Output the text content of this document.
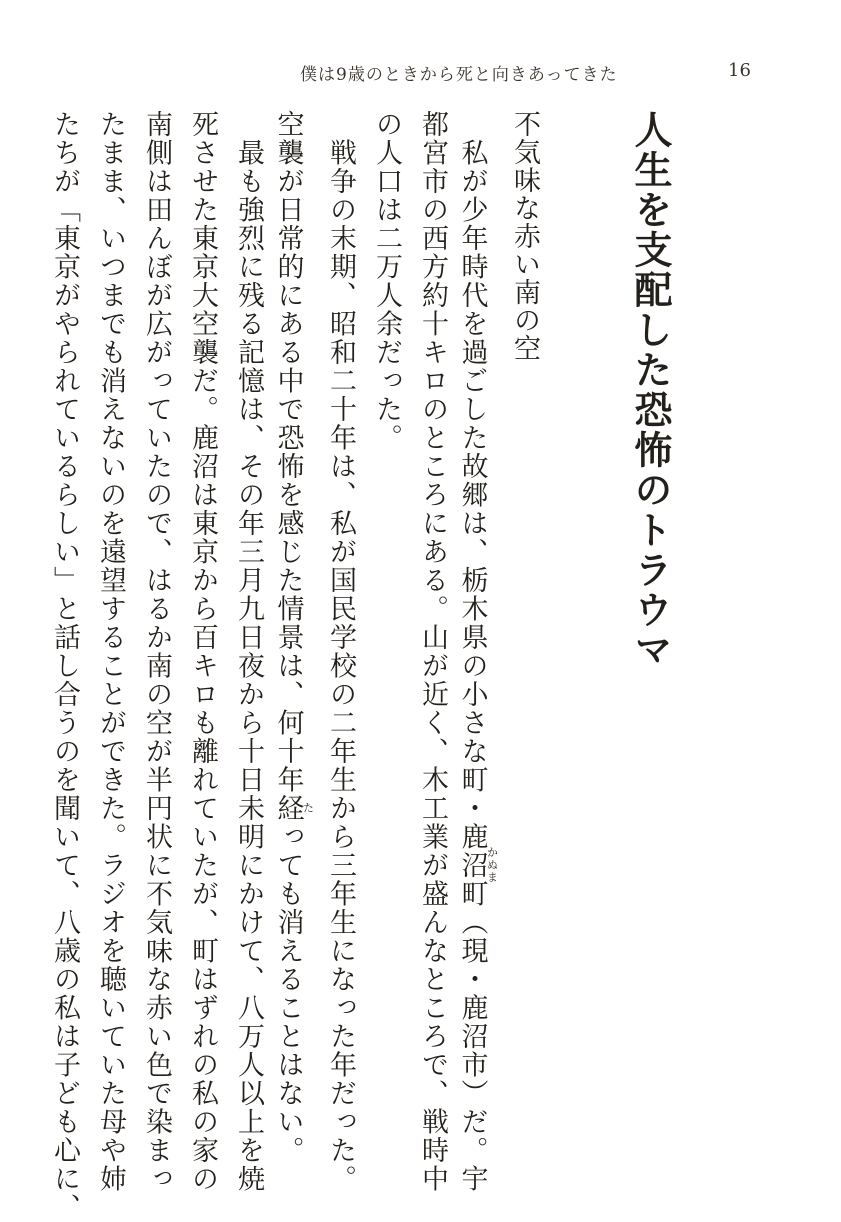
僕は9歳のときから死と向きあってきた	16
人生を支配した恐怖のトラウマ
不気味な赤い南の空
　私が少年時代を過ごした故郷は、栃木県の小さな町・鹿沼かぬま町（現・鹿沼市）だ。宇
都宮市の西方約十キロのところにある。山が近く、木工業が盛んなところで、戦時中
の人口は二万人余だった。
　戦争の末期、昭和二十年は、私が国民学校の二年生から三年生になった年だった。
空襲が日常的にある中で恐怖を感じた情景は、何十年経たっても消えることはない。
　最も強烈に残る記憶は、その年三月九日夜から十日未明にかけて、八万人以上を焼
死させた東京大空襲だ。鹿沼は東京から百キロも離れていたが、町はずれの私の家の
南側は田んぼが広がっていたので、はるか南の空が半円状に不気味な赤い色で染まっ
たまま、いつまでも消えないのを遠望することができた。ラジオを聴いていた母や姉
たちが「東京がやられているらしい」と話し合うのを聞いて、八歳の私は子ども心に、
